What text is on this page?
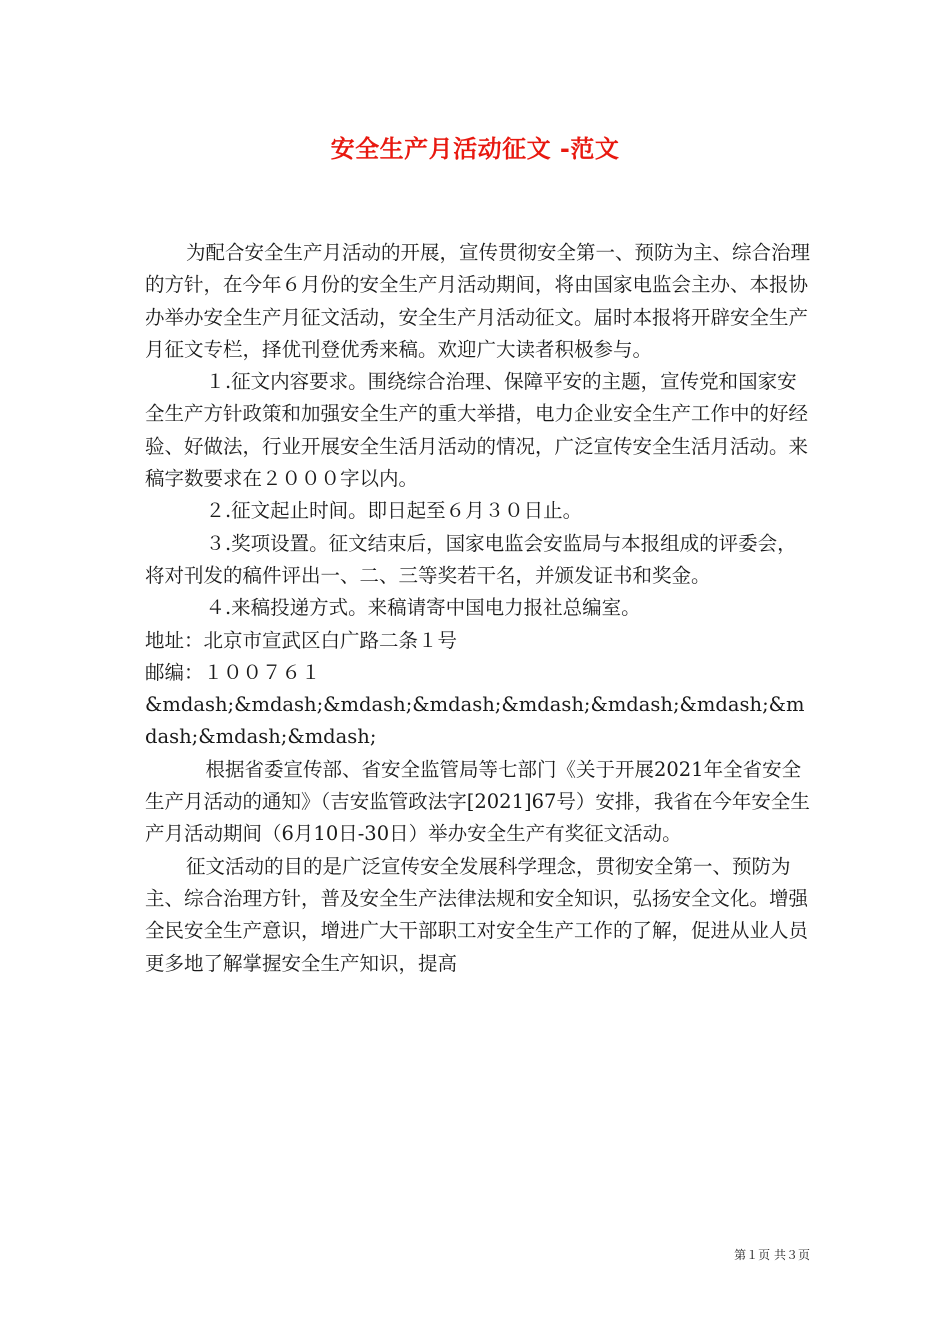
安全生产月活动征文 -范文

为配合安全生产月活动的开展，宣传贯彻安全第一、预防为主、综合治理的方针，在今年６月份的安全生产月活动期间，将由国家电监会主办、本报协办举办安全生产月征文活动，安全生产月活动征文。届时本报将开辟安全生产月征文专栏，择优刊登优秀来稿。欢迎广大读者积极参与。

１.征文内容要求。围绕综合治理、保障平安的主题，宣传党和国家安全生产方针政策和加强安全生产的重大举措，电力企业安全生产工作中的好经验、好做法，行业开展安全生活月活动的情况，广泛宣传安全生活月活动。来稿字数要求在２０００字以内。

２.征文起止时间。即日起至６月３０日止。

３.奖项设置。征文结束后，国家电监会安监局与本报组成的评委会，将对刊发的稿件评出一、二、三等奖若干名，并颁发证书和奖金。

４.来稿投递方式。来稿请寄中国电力报社总编室。

地址：北京市宣武区白广路二条１号

邮编：１００７６１

&mdash;&mdash;&mdash;&mdash;&mdash;&mdash;&mdash;&mdash;&mdash;&mdash;

根据省委宣传部、省安全监管局等七部门《关于开展2021年全省安全生产月活动的通知》（吉安监管政法字[2021]67号）安排，我省在今年安全生产月活动期间（6月10日-30日）举办安全生产有奖征文活动。

征文活动的目的是广泛宣传安全发展科学理念，贯彻安全第一、预防为主、综合治理方针，普及安全生产法律法规和安全知识，弘扬安全文化。增强全民安全生产意识，增进广大干部职工对安全生产工作的了解，促进从业人员更多地了解掌握安全生产知识，提高

第１页 共３页
